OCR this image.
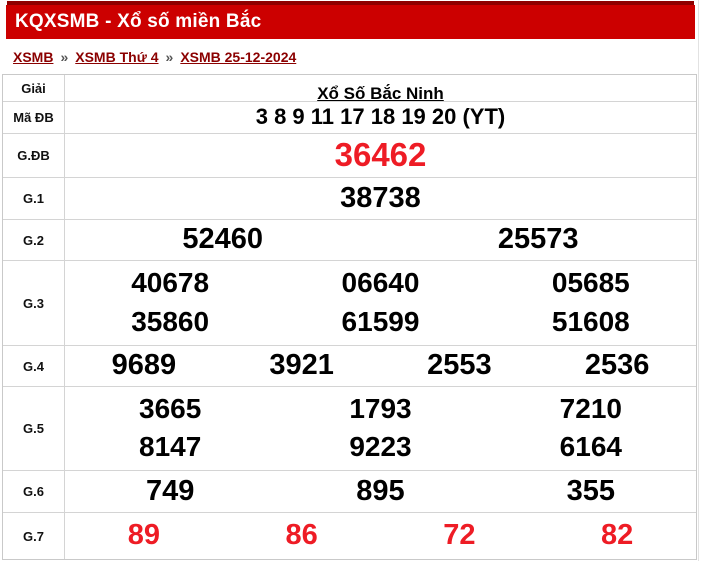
KQXSMB - Xổ số miền Bắc
XSMB » XSMB Thứ 4 » XSMB 25-12-2024
Giải	Xổ Số Bắc Ninh
Mã ĐB	3 8 9 11 17 18 19 20 (YT)
G.ĐB	36462
G.1	38738
G.2	52460	25573
G.3
40678	06640	05685
35860	61599	51608
G.4	9689	3921	2553	2536
G.5
3665	1793	7210
8147	9223	6164
G.6	749	895	355
G.7	89	86	72	82
